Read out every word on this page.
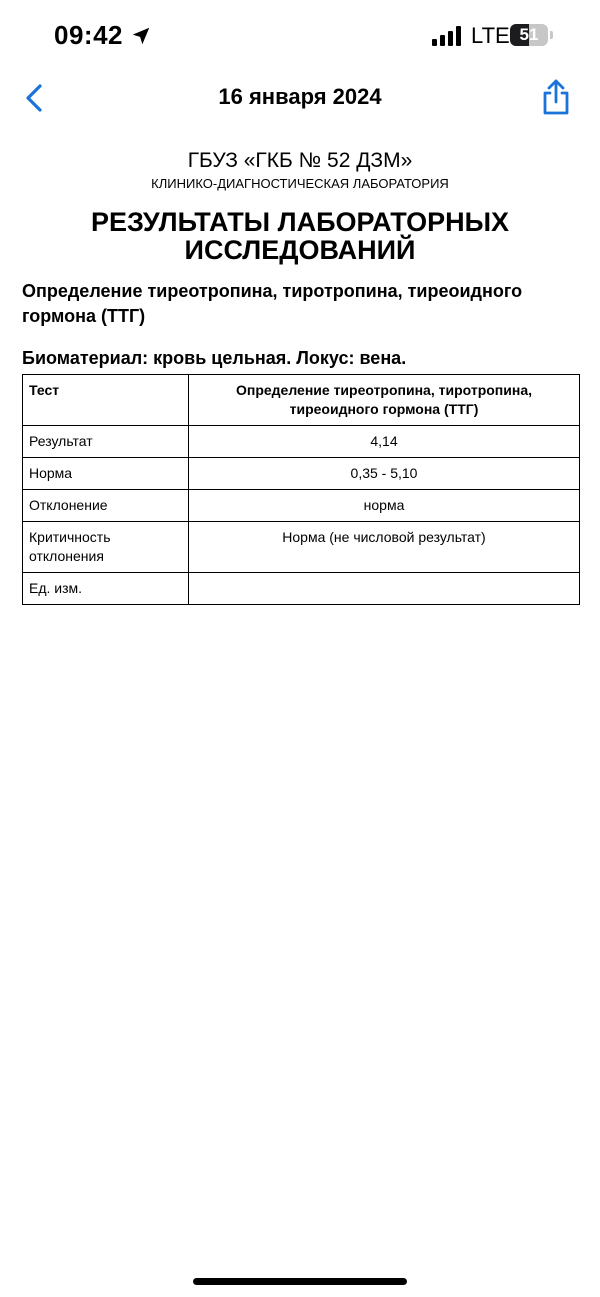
09:42	LTE 51
16 января 2024
ГБУЗ «ГКБ № 52 ДЗМ»
КЛИНИКО-ДИАГНОСТИЧЕСКАЯ ЛАБОРАТОРИЯ
РЕЗУЛЬТАТЫ ЛАБОРАТОРНЫХ ИССЛЕДОВАНИЙ
Определение тиреотропина, тиротропина, тиреоидного гормона (ТТГ)
Биоматериал: кровь цельная. Локус: вена.
Тест	Определение тиреотропина, тиротропина, тиреоидного гормона (ТТГ)
Результат	4,14
Норма	0,35 - 5,10
Отклонение	норма
Критичность отклонения	Норма (не числовой результат)
Ед. изм.	
